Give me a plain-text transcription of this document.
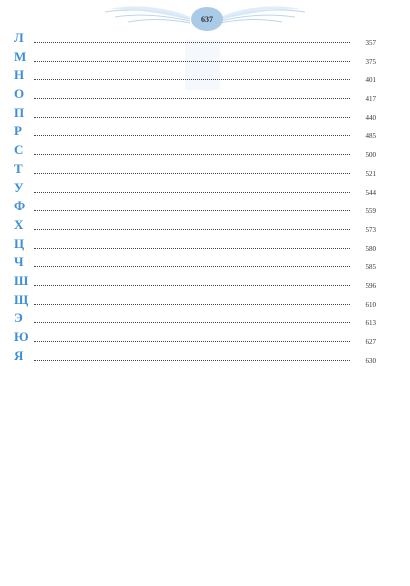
637
Л	357
М	375
Н	401
О	417
П	440
Р	485
С	500
Т	521
У	544
Ф	559
Х	573
Ц	580
Ч	585
Ш	596
Щ	610
Э	613
Ю	627
Я	630
